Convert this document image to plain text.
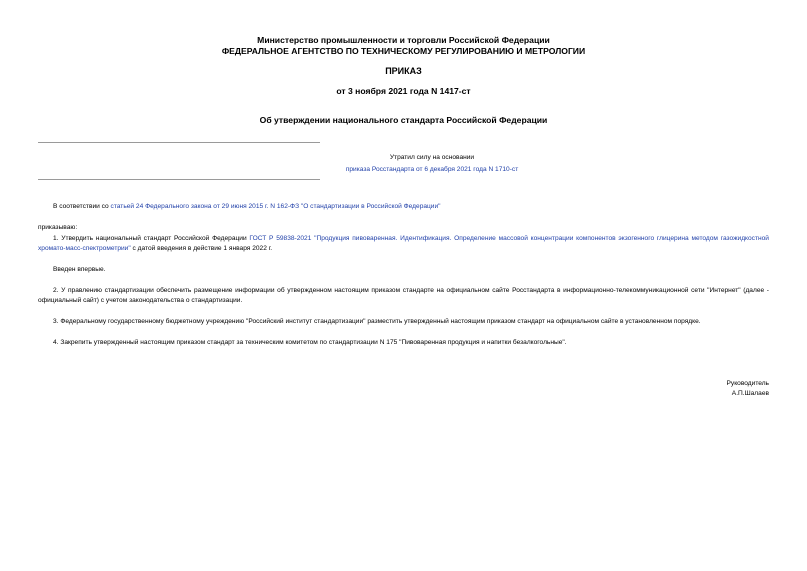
Министерство промышленности и торговли Российской Федерации
ФЕДЕРАЛЬНОЕ АГЕНТСТВО ПО ТЕХНИЧЕСКОМУ РЕГУЛИРОВАНИЮ И МЕТРОЛОГИИ
ПРИКАЗ
от 3 ноября 2021 года N 1417-ст
Об утверждении национального стандарта Российской Федерации
Утратил силу на основании
приказа Росстандарта от 6 декабря 2021 года N 1710-ст
В соответствии со статьей 24 Федерального закона от 29 июня 2015 г. N 162-ФЗ "О стандартизации в Российской Федерации"
приказываю:
1. Утвердить национальный стандарт Российской Федерации ГОСТ Р 59838-2021 "Продукция пивоваренная. Идентификация. Определение массовой концентрации компонентов экзогенного глицерина методом газожидкостной хромато-масс-спектрометрии" с датой введения в действие 1 января 2022 г.
Введен впервые.
2. У правлению стандартизации обеспечить размещение информации об утвержденном настоящим приказом стандарте на официальном сайте Росстандарта в информационно-телекоммуникационной сети "Интернет" (далее - официальный сайт) с учетом законодательства о стандартизации.
3. Федеральному государственному бюджетному учреждению "Российский институт стандартизации" разместить утвержденный настоящим приказом стандарт на официальном сайте в установленном порядке.
4. Закрепить утвержденный настоящим приказом стандарт за техническим комитетом по стандартизации N 175 "Пивоваренная продукция и напитки безалкогольные".
Руководитель
А.П.Шалаев
